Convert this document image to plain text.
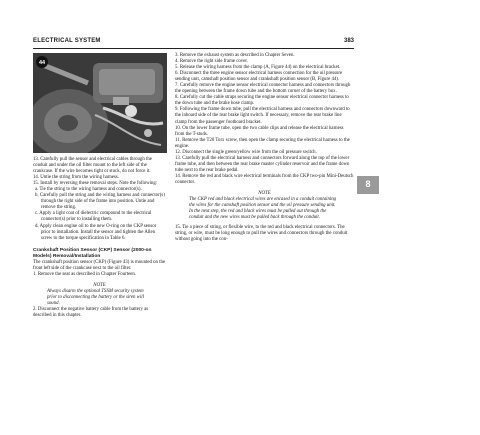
ELECTRICAL SYSTEM	383
44

13. Carefully pull the sensor and electrical cables through the conduit and under the oil filter mount to the left side of the crankcase. If the wire becomes tight or stuck, do not force it.

14. Untie the string from the wiring harness.

15. Install by reversing these removal steps. Note the following:

a. Tie the string to the wiring harness and connector(s).

b. Carefully pull the string and the wiring harness and connector(s) through the right side of the frame into position. Untie and remove the string.

c. Apply a light coat of dielectric compound to the electrical connector(s) prior to installing them.

d. Apply clean engine oil to the new O-ring on the CKP sensor prior to installation. Install the sensor and tighten the Allen screw to the torque specification in Table 6.

Crankshaft Position Sensor (CKP) Sensor (2000-on Models) Removal/Installation

The crankshaft position sensor (CKP) (Figure 43) is mounted on the front left side of the crankcase next to the oil filter.

1. Remove the seat as described in Chapter Fourteen.

NOTE

Always disarm the optional TSSM security system prior to disconnecting the battery or the siren will sound.

2. Disconnect the negative battery cable from the battery as described in this chapter.

3. Remove the exhaust system as described in Chapter Seven.

4. Remove the right side frame cover.

5. Release the wiring harness from the clamp (A, Figure 44) on the electrical bracket.

6. Disconnect the three engine sensor electrical harness connection for the oil pressure sending unit, camshaft position sensor and crankshaft position sensor (B, Figure 44).

7. Carefully remove the engine sensor electrical connector harness and connectors through the opening between the frame down tube and the bottom corner of the battery box.

8. Carefully cut the cable straps securing the engine sensor electrical connector harness to the down tube and the brake hose clamp.

9. Following the frame down tube, pull the electrical harness and connectors downward to the inboard side of the rear brake light switch. If necessary, remove the rear brake line clamp from the passenger footboard bracket.

10. On the lower frame tube, open the two cable clips and release the electrical harness from the T-studs.

11. Remove the T20 Torx screw, then open the clamp securing the electrical harness to the engine.

12. Disconnect the single green/yellow wire from the oil pressure switch.

13. Carefully pull the electrical harness and connectors forward along the top of the lower frame tube, and then between the rear brake master cylinder reservoir and the frame down tube next to the rear brake pedal.

14. Remove the red and black wire electrical terminals from the CKP two-pin Mini-Deutsch connector.

NOTE

The CKP red and black electrical wires are encased in a conduit containing the wires for the camshaft position sensor and the oil pressure sending unit. In the next step, the red and black wires must be pulled out through the conduit and the new wires must be pulled back through the conduit.

15. Tie a piece of string, or flexible wire, to the red and black electrical connectors. The string, or wire, must be long enough to pull the wires and connectors through the conduit without going into the con-

8
